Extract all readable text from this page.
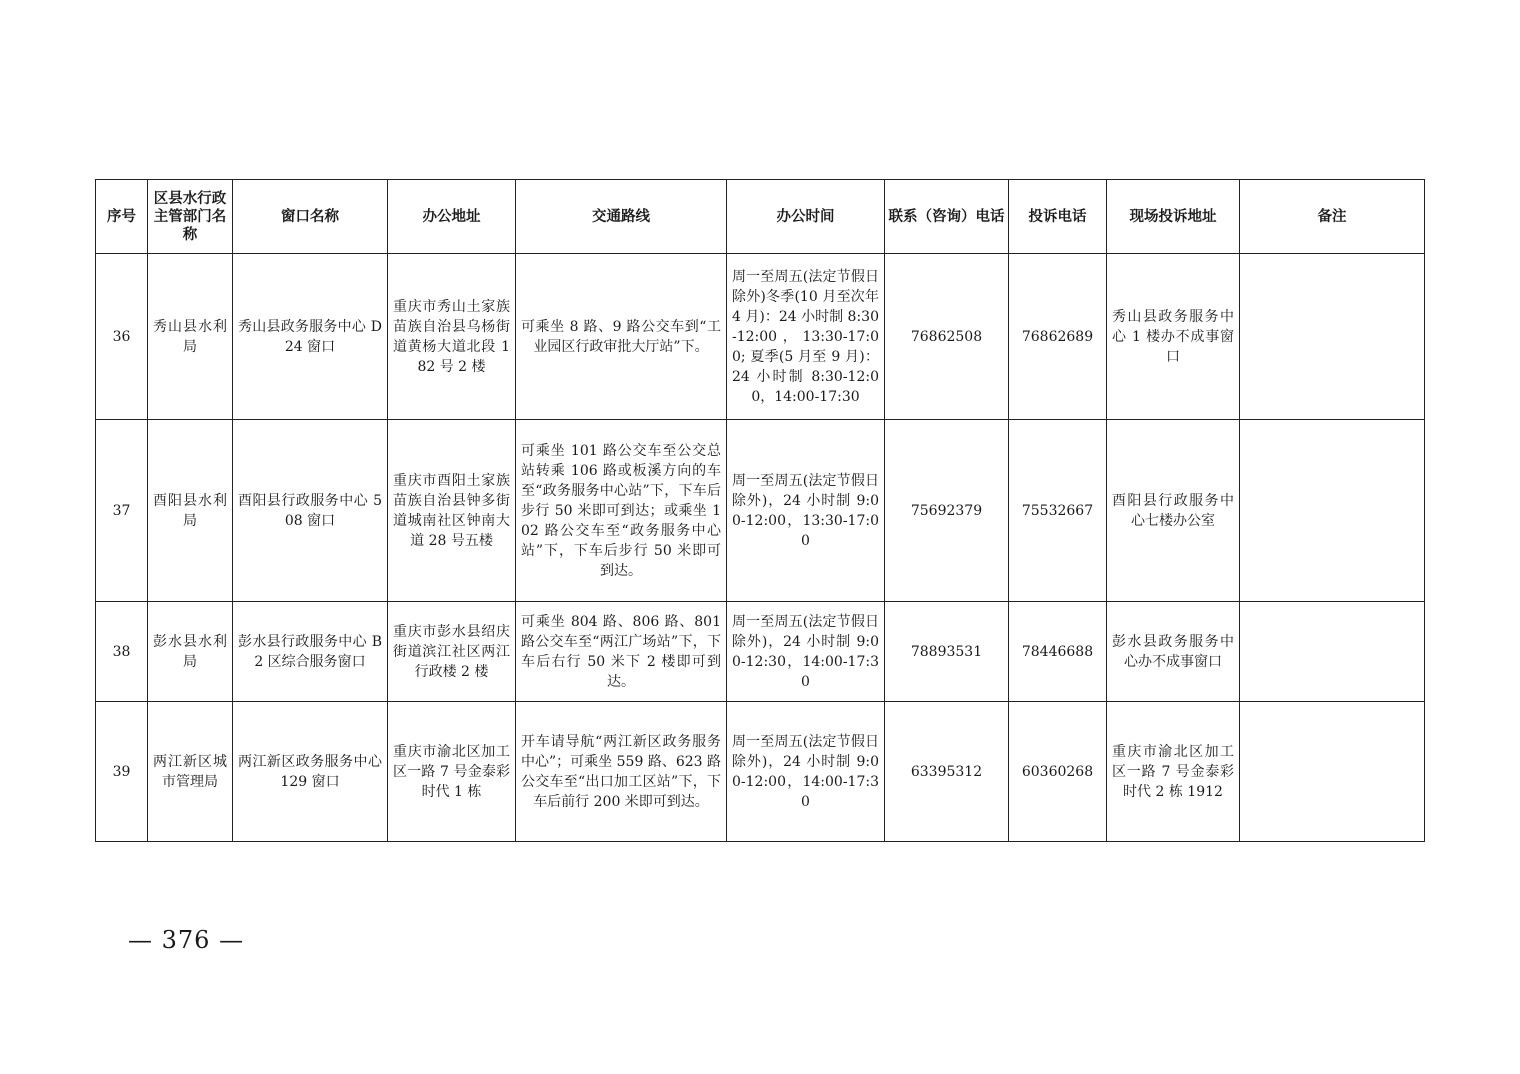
序号	区县水行政主管部门名称	窗口名称	办公地址	交通路线	办公时间	联系（咨询）电话	投诉电话	现场投诉地址	备注
36	秀山县水利局	秀山县政务服务中心 D24 窗口	重庆市秀山土家族苗族自治县乌杨街道黄杨大道北段 182 号 2 楼	可乘坐 8 路、9 路公交车到“工业园区行政审批大厅站”下。	周一至周五(法定节假日除外)冬季(10 月至次年 4 月)：24 小时制 8:30-12:00，13:30-17:00; 夏季(5 月至 9 月)：24 小时制 8:30-12:00，14:00-17:30	76862508	76862689	秀山县政务服务中心 1 楼办不成事窗口	
37	酉阳县水利局	酉阳县行政服务中心 508 窗口	重庆市酉阳土家族苗族自治县钟多街道城南社区钟南大道 28 号五楼	可乘坐 101 路公交车至公交总站转乘 106 路或板溪方向的车至“政务服务中心站”下，下车后步行 50 米即可到达；或乘坐 102 路公交车至“政务服务中心站”下，下车后步行 50 米即可到达。	周一至周五(法定节假日除外)，24 小时制 9:00-12:00，13:30-17:00	75692379	75532667	酉阳县行政服务中心七楼办公室	
38	彭水县水利局	彭水县行政服务中心 B2 区综合服务窗口	重庆市彭水县绍庆街道滨江社区两江行政楼 2 楼	可乘坐 804 路、806 路、801 路公交车至“两江广场站”下，下车后右行 50 米下 2 楼即可到达。	周一至周五(法定节假日除外)，24 小时制 9:00-12:30，14:00-17:30	78893531	78446688	彭水县政务服务中心办不成事窗口	
39	两江新区城市管理局	两江新区政务服务中心 129 窗口	重庆市渝北区加工区一路 7 号金泰彩时代 1 栋	开车请导航“两江新区政务服务中心”；可乘坐 559 路、623 路公交车至“出口加工区站”下，下车后前行 200 米即可到达。	周一至周五(法定节假日除外)，24 小时制 9:00-12:00，14:00-17:30	63395312	60360268	重庆市渝北区加工区一路 7 号金泰彩时代 2 栋 1912	
— 376 —
